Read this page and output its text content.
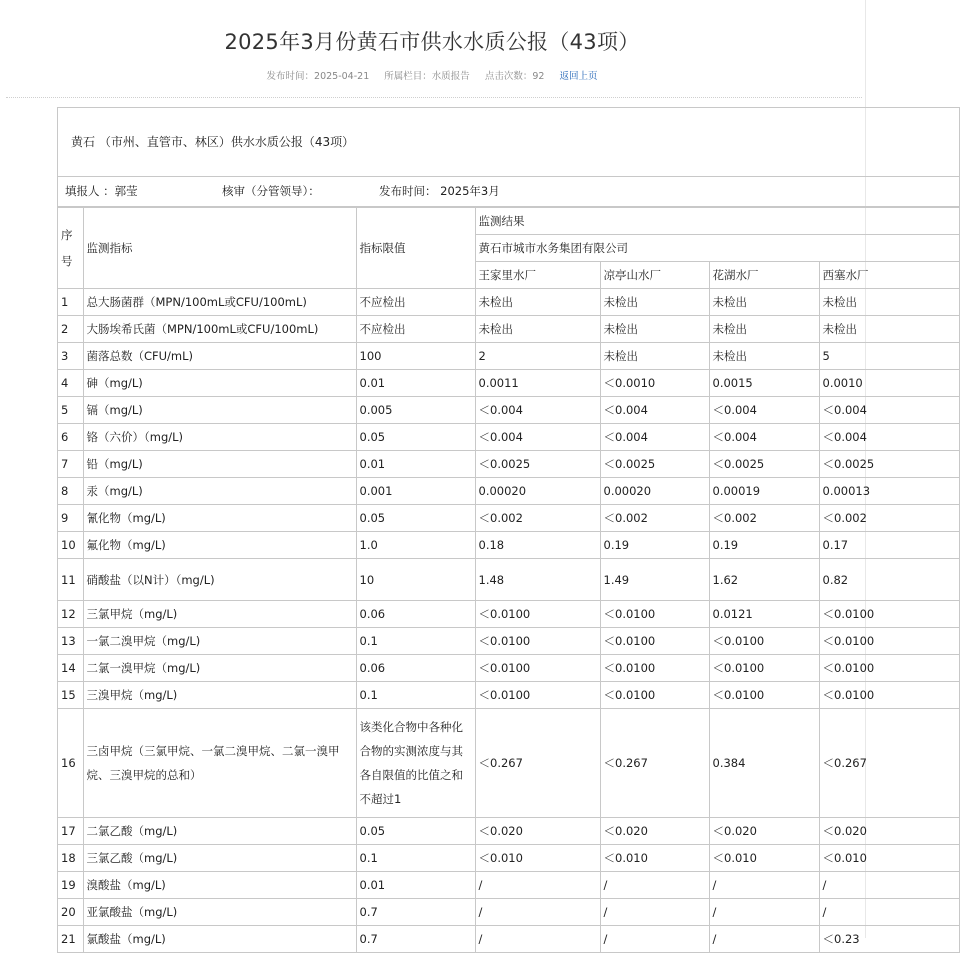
2025年3月份黄石市供水水质公报（43项）
发布时间：2025-04-21 所属栏目：水质报告 点击次数：92 返回上页
黄石 （市州、直管市、林区）供水水质公报（43项）
填报人 ：郭莹	核审（分管领导）：	发布时间： 2025年3月
序号	监测指标	指标限值	监测结果			
			黄石市城市水务集团有限公司			
			王家里水厂	凉亭山水厂	花湖水厂	西塞水厂
1	总大肠菌群（MPN/100mL或CFU/100mL)	不应检出	未检出	未检出	未检出	未检出
2	大肠埃希氏菌（MPN/100mL或CFU/100mL)	不应检出	未检出	未检出	未检出	未检出
3	菌落总数（CFU/mL)	100	2	未检出	未检出	5
4	砷（mg/L)	0.01	0.0011	＜0.0010	0.0015	0.0010
5	镉（mg/L)	0.005	＜0.004	＜0.004	＜0.004	＜0.004
6	铬（六价）（mg/L)	0.05	＜0.004	＜0.004	＜0.004	＜0.004
7	铅（mg/L)	0.01	＜0.0025	＜0.0025	＜0.0025	＜0.0025
8	汞（mg/L)	0.001	0.00020	0.00020	0.00019	0.00013
9	氰化物（mg/L)	0.05	＜0.002	＜0.002	＜0.002	＜0.002
10	氟化物（mg/L)	1.0	0.18	0.19	0.19	0.17
11	硝酸盐（以N计）（mg/L)	10	1.48	1.49	1.62	0.82
12	三氯甲烷（mg/L)	0.06	＜0.0100	＜0.0100	0.0121	＜0.0100
13	一氯二溴甲烷（mg/L)	0.1	＜0.0100	＜0.0100	＜0.0100	＜0.0100
14	二氯一溴甲烷（mg/L)	0.06	＜0.0100	＜0.0100	＜0.0100	＜0.0100
15	三溴甲烷（mg/L)	0.1	＜0.0100	＜0.0100	＜0.0100	＜0.0100
16	三卤甲烷（三氯甲烷、一氯二溴甲烷、二氯一溴甲烷、三溴甲烷的总和）	该类化合物中各种化合物的实测浓度与其各自限值的比值之和不超过1	＜0.267	＜0.267	0.384	＜0.267
17	二氯乙酸（mg/L)	0.05	＜0.020	＜0.020	＜0.020	＜0.020
18	三氯乙酸（mg/L)	0.1	＜0.010	＜0.010	＜0.010	＜0.010
19	溴酸盐（mg/L)	0.01	/	/	/	/
20	亚氯酸盐（mg/L)	0.7	/	/	/	/
21	氯酸盐（mg/L)	0.7	/	/	/	＜0.23
